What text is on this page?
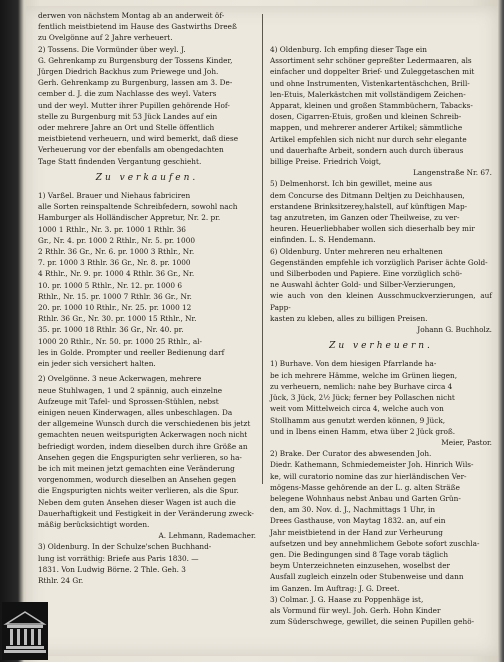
derwen von nächstem Montag ab an anderweit öf-

fentlich meistbietend im Hause des Gastwirths Dreeß

zu Ovelgönne auf 2 Jahre verheuert.

2) Tossens. Die Vormünder über weyl. J.

G. Gehrenkamp zu Burgensburg der Tossens Kinder,

Jürgen Diedrich Backhus zum Priewege und Joh.

Gerh. Gehrenkamp zu Burgenburg, lassen am 3. De-

cember d. J. die zum Nachlasse des weyl. Vaters

und der weyl. Mutter ihrer Pupillen gehörende Hof-

stelle zu Burgenburg mit 53 Jück Landes auf ein

oder mehrere Jahre an Ort und Stelle öffentlich

meistbietend verheuern, und wird bemerkt, daß diese

Verheuerung vor der ebenfalls am obengedachten

Tage Statt findenden Vergantung geschieht.

Zu verkaufen.

1) Varßel. Brauer und Niehaus fabriciren

alle Sorten reinspaltende Schreibfedern, sowohl nach

Hamburger als Holländischer Appretur, Nr. 2. pr.

1000 1 Rthlr., Nr. 3. pr. 1000 1 Rthlr. 36

Gr., Nr. 4. pr. 1000 2 Rthlr., Nr. 5. pr. 1000

2 Rthlr. 36 Gr., Nr. 6. pr. 1000 3 Rthlr., Nr.

7. pr. 1000 3 Rthlr. 36 Gr., Nr. 8. pr. 1000

4 Rthlr., Nr. 9. pr. 1000 4 Rthlr. 36 Gr., Nr.

10. pr. 1000 5 Rthlr., Nr. 12. pr. 1000 6

Rthlr., Nr. 15. pr. 1000 7 Rthlr. 36 Gr., Nr.

20. pr. 1000 10 Rthlr., Nr. 25. pr. 1000 12

Rthlr. 36 Gr., Nr. 30. pr. 1000 15 Rthlr., Nr.

35. pr. 1000 18 Rthlr. 36 Gr., Nr. 40. pr.

1000 20 Rthlr., Nr. 50. pr. 1000 25 Rthlr., al-

les in Golde. Prompter und reeller Bedienung darf

ein jeder sich versichert halten.

2) Ovelgönne. 3 neue Ackerwagen, mehrere

neue Stuhlwagen, 1 und 2 spännig, auch einzelne

Aufzeuge mit Tafel- und Sprossen-Stühlen, nebst

einigen neuen Kinderwagen, alles unbeschlagen. Da

der allgemeine Wunsch durch die verschiedenen bis jetzt

gemachten neuen weitspurigten Ackerwagen noch nicht

befriedigt worden, indem dieselben durch ihre Größe an

Ansehen gegen die Engspurigten sehr verlieren, so ha-

be ich mit meinen jetzt gemachten eine Veränderung

vorgenommen, wodurch dieselben an Ansehen gegen

die Engspurigten nichts weiter verlieren, als die Spur.

Neben dem guten Ansehen dieser Wagen ist auch die

Dauerhaftigkeit und Festigkeit in der Veränderung zweck-

mäßig berücksichtigt worden.

A. Lehmann, Rademacher.

3) Oldenburg. In der Schulze'schen Buchhand-

lung ist vorräthig: Briefe aus Paris 1830. —

1831. Von Ludwig Börne. 2 Thle. Geh. 3

Rthlr. 24 Gr.

4) Oldenburg. Ich empfing dieser Tage ein

Assortiment sehr schöner gepreßter Ledermaaren, als

einfacher und doppelter Brief- und Zuleggetaschen mit

und ohne Instrumenten, Vistenkartentäschchen, Brill-

len-Etuis, Malerkästchen mit vollständigem Zeichen-

Apparat, kleinen und großen Stammbüchern, Tabacks-

dosen, Cigarren-Etuis, großen und kleinen Schreib-

mappen, und mehrerer anderer Artikel; sämmtliche

Artikel empfehlen sich nicht nur durch sehr elegante

und dauerhafte Arbeit, sondern auch durch überaus

billige Preise. Friedrich Voigt,

Langenstraße Nr. 67.

5) Delmenhorst. Ich bin gewillet, meine aus

dem Concurse des Ditmann Deltjen zu Deichhausen,

erstandene Brinksitzerey,halstell, auf künftigen Map-

tag anzutreten, im Ganzen oder Theilweise, zu ver-

heuren. Heuerliebhaber wollen sich dieserhalb bey mir

einfinden. L. S. Hendemann.

6) Oldenburg. Unter mehreren neu erhaltenen

Gegenständen empfehle ich vorzüglich Pariser ächte Gold-

und Silberboden und Papiere. Eine vorzüglich schö-

ne Auswahl ächter Gold- und Silber-Verzierungen,

wie auch von den kleinen Ausschmuckverzierungen, auf Papp-

kasten zu kleben, alles zu billigen Preisen.

Johann G. Buchholz.

Zu verheuern.

1) Burhave. Von dem hiesigen Pfarrlande ha-

be ich mehrere Hämme, welche im Grünen liegen,

zu verheuern, nemlich: nahe bey Burhave circa 4

Jück, 3 Jück, 2½ Jück; ferner bey Pollaschen nicht

weit vom Mittelweich circa 4, welche auch von

Stollhamm aus genutzt werden können, 9 Jück,

und in Ibens einen Hamm, etwa über 2 Jück groß.

Meier, Pastor.

2) Brake. Der Curator des abwesenden Joh.

Diedr. Kathemann, Schmiedemeister Joh. Hinrich Wils-

ke, will curatorio nomine das zur hierländischen Ver-

mögens-Masse gehörende an der L. g. alten Sträße

belegene Wohnhaus nebst Anbau und Garten Grün-

den, am 30. Nov. d. J., Nachmittags 1 Uhr, in

Drees Gasthause, von Maytag 1832. an, auf ein

Jahr meistbietend in der Hand zur Verheurung

aufsetzen und bey annehmlichem Gebote sofort zuschla-

gen. Die Bedingungen sind 8 Tage vorab täglich

beym Unterzeichneten einzusehen, woselbst der

Ausfall zugleich einzeln oder Stubenweise und dann

im Ganzen. Im Auftrag: J. G. Dreet.

3) Colmar. J. G. Haase zu Poppenhäge ist,

als Vormund für weyl. Joh. Gerh. Hohn Kinder

zum Süderschwege, gewillet, die seinen Pupillen gehö-
